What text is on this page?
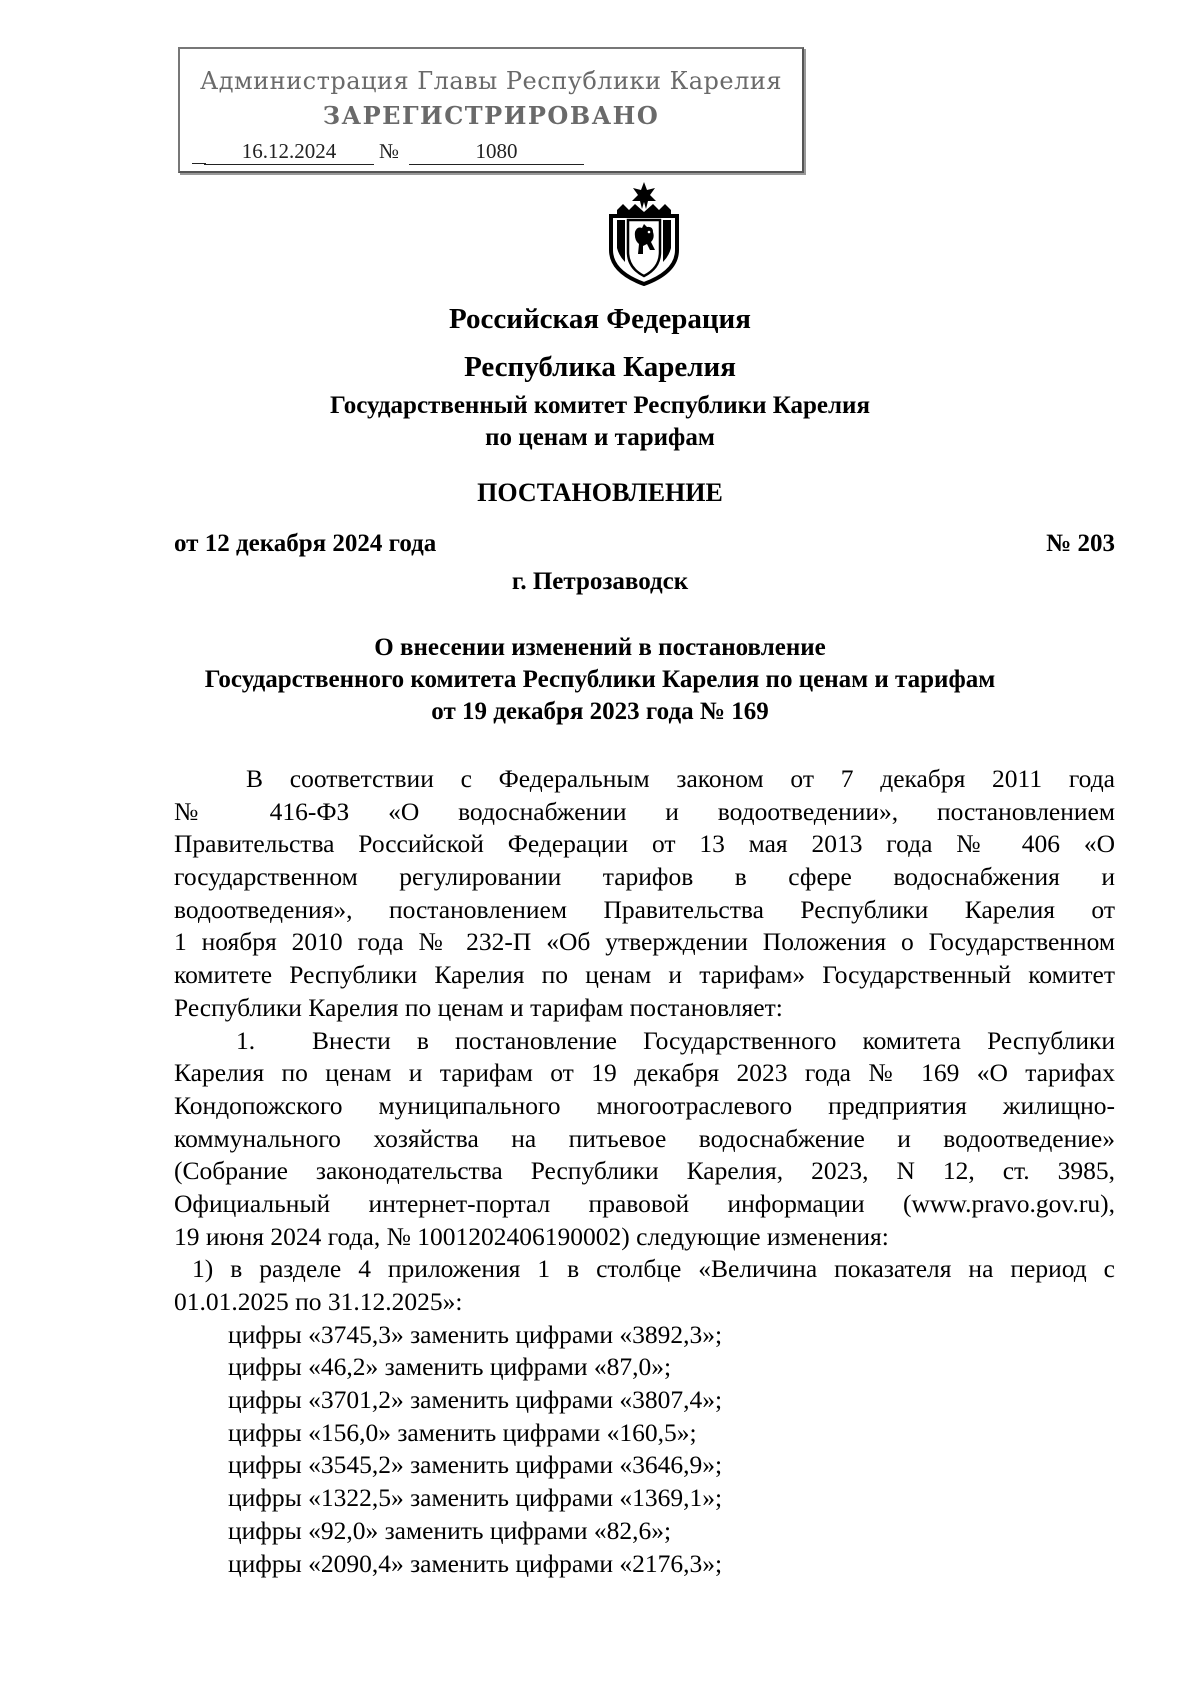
Администрация Главы Республики Карелия
ЗАРЕГИСТРИРОВАНО
16.12.2024	№	1080
Российская Федерация
Республика Карелия
Государственный комитет Республики Карелия
по ценам и тарифам
ПОСТАНОВЛЕНИЕ
от 12 декабря 2024 года	№ 203
г. Петрозаводск
О внесении изменений в постановление
Государственного комитета Республики Карелия по ценам и тарифам
от 19 декабря 2023 года № 169
В соответствии с Федеральным законом от 7 декабря 2011 года
№ 416-ФЗ «О водоснабжении и водоотведении», постановлением
Правительства Российской Федерации от 13 мая 2013 года № 406 «О
государственном регулировании тарифов в сфере водоснабжения и
водоотведения», постановлением Правительства Республики Карелия от
1 ноября 2010 года № 232-П «Об утверждении Положения о Государственном
комитете Республики Карелия по ценам и тарифам» Государственный комитет
Республики Карелия по ценам и тарифам постановляет:
1.	Внести в постановление Государственного комитета Республики
Карелия по ценам и тарифам от 19 декабря 2023 года № 169 «О тарифах
Кондопожского муниципального многоотраслевого предприятия жилищно-
коммунального хозяйства на питьевое водоснабжение и водоотведение»
(Собрание законодательства Республики Карелия, 2023, N 12, ст. 3985,
Официальный интернет-портал правовой информации (www.pravo.gov.ru),
19 июня 2024 года, № 1001202406190002) следующие изменения:
1) в разделе 4 приложения 1 в столбце «Величина показателя на период с
01.01.2025 по 31.12.2025»:
цифры «3745,3» заменить цифрами «3892,3»;
цифры «46,2» заменить цифрами «87,0»;
цифры «3701,2» заменить цифрами «3807,4»;
цифры «156,0» заменить цифрами «160,5»;
цифры «3545,2» заменить цифрами «3646,9»;
цифры «1322,5» заменить цифрами «1369,1»;
цифры «92,0» заменить цифрами «82,6»;
цифры «2090,4» заменить цифрами «2176,3»;
